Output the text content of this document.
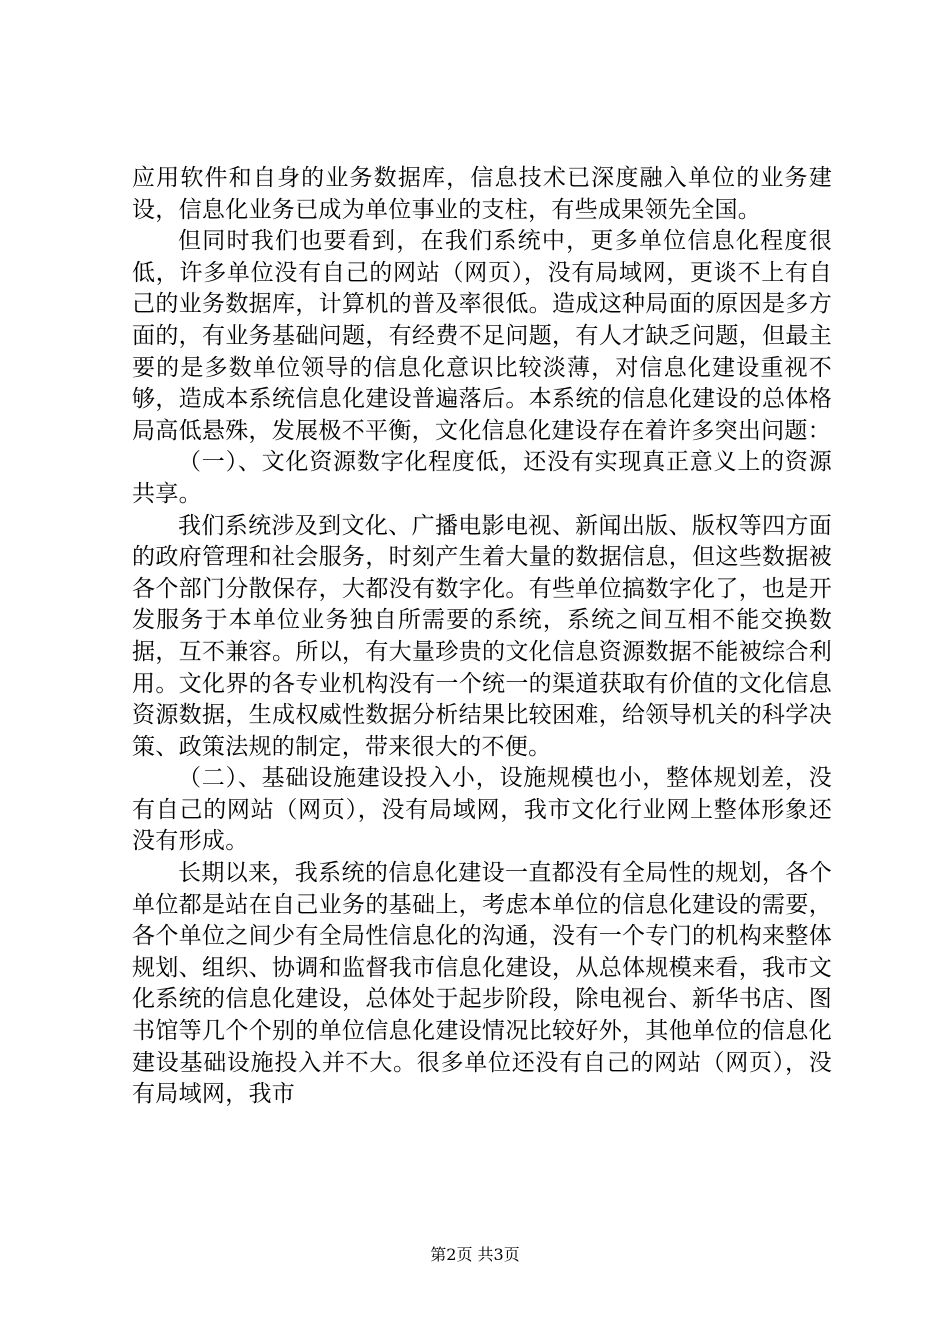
应用软件和自身的业务数据库，信息技术已深度融入单位的业务建设，信息化业务已成为单位事业的支柱，有些成果领先全国。

但同时我们也要看到，在我们系统中，更多单位信息化程度很低，许多单位没有自己的网站（网页），没有局域网，更谈不上有自己的业务数据库，计算机的普及率很低。造成这种局面的原因是多方面的，有业务基础问题，有经费不足问题，有人才缺乏问题，但最主要的是多数单位领导的信息化意识比较淡薄，对信息化建设重视不够，造成本系统信息化建设普遍落后。本系统的信息化建设的总体格局高低悬殊，发展极不平衡，文化信息化建设存在着许多突出问题：

（一）、文化资源数字化程度低，还没有实现真正意义上的资源共享。

我们系统涉及到文化、广播电影电视、新闻出版、版权等四方面的政府管理和社会服务，时刻产生着大量的数据信息，但这些数据被各个部门分散保存，大都没有数字化。有些单位搞数字化了，也是开发服务于本单位业务独自所需要的系统，系统之间互相不能交换数据，互不兼容。所以，有大量珍贵的文化信息资源数据不能被综合利用。文化界的各专业机构没有一个统一的渠道获取有价值的文化信息资源数据，生成权威性数据分析结果比较困难，给领导机关的科学决策、政策法规的制定，带来很大的不便。

（二）、基础设施建设投入小，设施规模也小，整体规划差，没有自己的网站（网页），没有局域网，我市文化行业网上整体形象还没有形成。

长期以来，我系统的信息化建设一直都没有全局性的规划，各个单位都是站在自己业务的基础上，考虑本单位的信息化建设的需要，各个单位之间少有全局性信息化的沟通，没有一个专门的机构来整体规划、组织、协调和监督我市信息化建设，从总体规模来看，我市文化系统的信息化建设，总体处于起步阶段，除电视台、新华书店、图书馆等几个个别的单位信息化建设情况比较好外，其他单位的信息化建设基础设施投入并不大。很多单位还没有自己的网站（网页），没有局域网，我市

第2页 共3页
